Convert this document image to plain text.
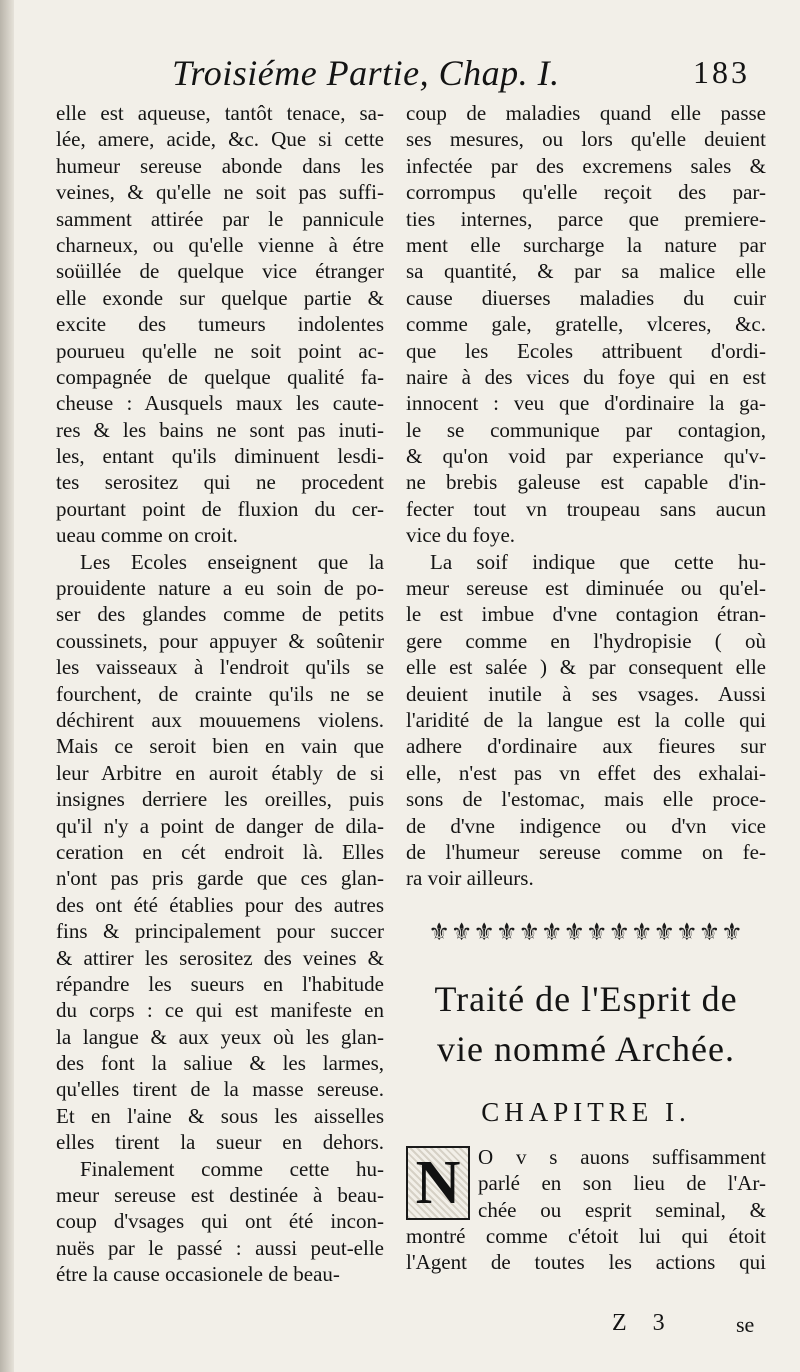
Troisiéme Partie, Chap. I.	183
elle est aqueuse, tantôt tenace, sa-
lée, amere, acide, &c. Que si cette
humeur sereuse abonde dans les
veines, & qu'elle ne soit pas suffi-
samment attirée par le pannicule
charneux, ou qu'elle vienne à étre
soüillée de quelque vice étranger
elle exonde sur quelque partie &
excite des tumeurs indolentes
pourueu qu'elle ne soit point ac-
compagnée de quelque qualité fa-
cheuse : Ausquels maux les caute-
res & les bains ne sont pas inuti-
les, entant qu'ils diminuent lesdi-
tes serositez qui ne procedent
pourtant point de fluxion du cer-
ueau comme on croit.
Les Ecoles enseignent que la
prouidente nature a eu soin de po-
ser des glandes comme de petits
coussinets, pour appuyer & soûtenir
les vaisseaux à l'endroit qu'ils se
fourchent, de crainte qu'ils ne se
déchirent aux mouuemens violens.
Mais ce seroit bien en vain que
leur Arbitre en auroit étably de si
insignes derriere les oreilles, puis
qu'il n'y a point de danger de dila-
ceration en cét endroit là. Elles
n'ont pas pris garde que ces glan-
des ont été établies pour des autres
fins & principalement pour succer
& attirer les serositez des veines &
répandre les sueurs en l'habitude
du corps : ce qui est manifeste en
la langue & aux yeux où les glan-
des font la saliue & les larmes,
qu'elles tirent de la masse sereuse.
Et en l'aine & sous les aisselles
elles tirent la sueur en dehors.
Finalement comme cette hu-
meur sereuse est destinée à beau-
coup d'vsages qui ont été incon-
nuës par le passé : aussi peut-elle
étre la cause occasionele de beau-
coup de maladies quand elle passe
ses mesures, ou lors qu'elle deuient
infectée par des excremens sales &
corrompus qu'elle reçoit des par-
ties internes, parce que premiere-
ment elle surcharge la nature par
sa quantité, & par sa malice elle
cause diuerses maladies du cuir
comme gale, gratelle, vlceres, &c.
que les Ecoles attribuent d'ordi-
naire à des vices du foye qui en est
innocent : veu que d'ordinaire la ga-
le se communique par contagion,
& qu'on void par experiance qu'v-
ne brebis galeuse est capable d'in-
fecter tout vn troupeau sans aucun
vice du foye.
La soif indique que cette hu-
meur sereuse est diminuée ou qu'el-
le est imbue d'vne contagion étran-
gere comme en l'hydropisie ( où
elle est salée ) & par consequent elle
deuient inutile à ses vsages. Aussi
l'aridité de la langue est la colle qui
adhere d'ordinaire aux fieures sur
elle, n'est pas vn effet des exhalai-
sons de l'estomac, mais elle proce-
de d'vne indigence ou d'vn vice
de l'humeur sereuse comme on fe-
ra voir ailleurs.
⚜⚜⚜⚜⚜⚜⚜⚜⚜⚜⚜⚜⚜⚜
Traité de l'Esprit de
vie nommé Archée.
CHAPITRE I.
N O v s auons suffisamment
parlé en son lieu de l'Ar-
chée ou esprit seminal, &
montré comme c'étoit lui qui étoit
l'Agent de toutes les actions qui
Z 3	se
